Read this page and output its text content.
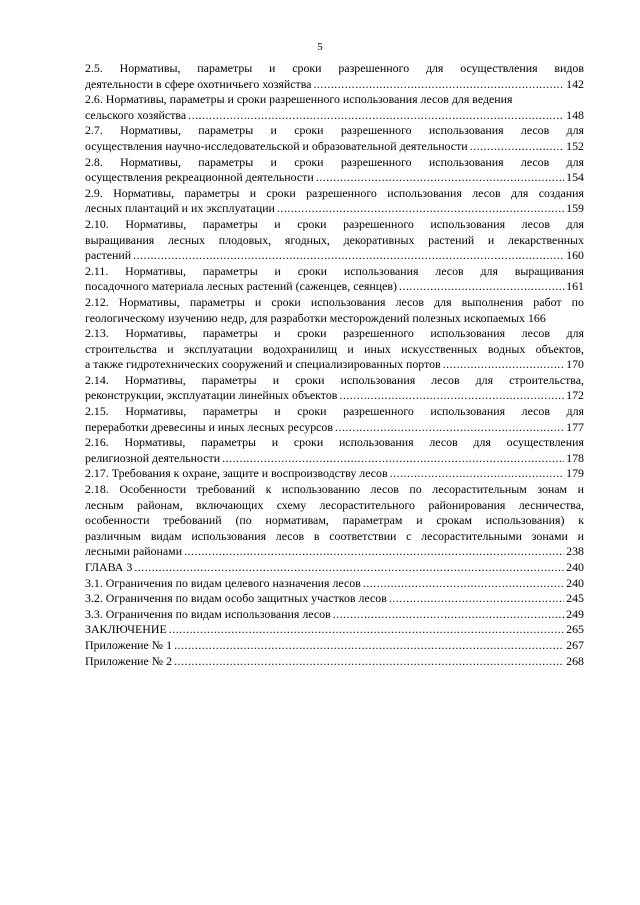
5
2.5. Нормативы, параметры и сроки разрешенного для осуществления видов
деятельности в сфере охотничьего хозяйства .....	142
2.6. Нормативы, параметры и сроки разрешенного использования лесов для ведения
сельского хозяйства .....	148
2.7. Нормативы, параметры и сроки разрешенного использования лесов для
осуществления научно-исследовательской и образовательной деятельности .....	152
2.8. Нормативы, параметры и сроки разрешенного использования лесов для
осуществления рекреационной деятельности .....	154
2.9. Нормативы, параметры и сроки разрешенного использования лесов для создания
лесных плантаций и их эксплуатации .....	159
2.10. Нормативы, параметры и сроки разрешенного использования лесов для
выращивания лесных плодовых, ягодных, декоративных растений и лекарственных
растений .....	160
2.11. Нормативы, параметры и сроки использования лесов для выращивания
посадочного материала лесных растений (саженцев, сеянцев) .....	161
2.12. Нормативы, параметры и сроки использования лесов для выполнения работ по
геологическому изучению недр, для разработки месторождений полезных ископаемых 166
2.13. Нормативы, параметры и сроки разрешенного использования лесов для
строительства и эксплуатации водохранилищ и иных искусственных водных объектов,
а также гидротехнических сооружений и специализированных портов .....	170
2.14. Нормативы, параметры и сроки использования лесов для строительства,
реконструкции, эксплуатации линейных объектов .....	172
2.15. Нормативы, параметры и сроки разрешенного использования лесов для
переработки древесины и иных лесных ресурсов .....	177
2.16. Нормативы, параметры и сроки использования лесов для осуществления
религиозной деятельности .....	178
2.17. Требования к охране, защите и воспроизводству лесов .....	179
2.18. Особенности требований к использованию лесов по лесорастительным зонам и
лесным районам, включающих схему лесорастительного районирования лесничества,
особенности требований (по нормативам, параметрам и срокам использования) к
различным видам использования лесов в соответствии с лесорастительными зонами и
лесными районами .....	238
ГЛАВА 3 .....	240
3.1. Ограничения по видам целевого назначения лесов .....	240
3.2. Ограничения по видам особо защитных участков лесов .....	245
3.3. Ограничения по видам использования лесов .....	249
ЗАКЛЮЧЕНИЕ .....	265
Приложение № 1 .....	267
Приложение № 2 .....	268
